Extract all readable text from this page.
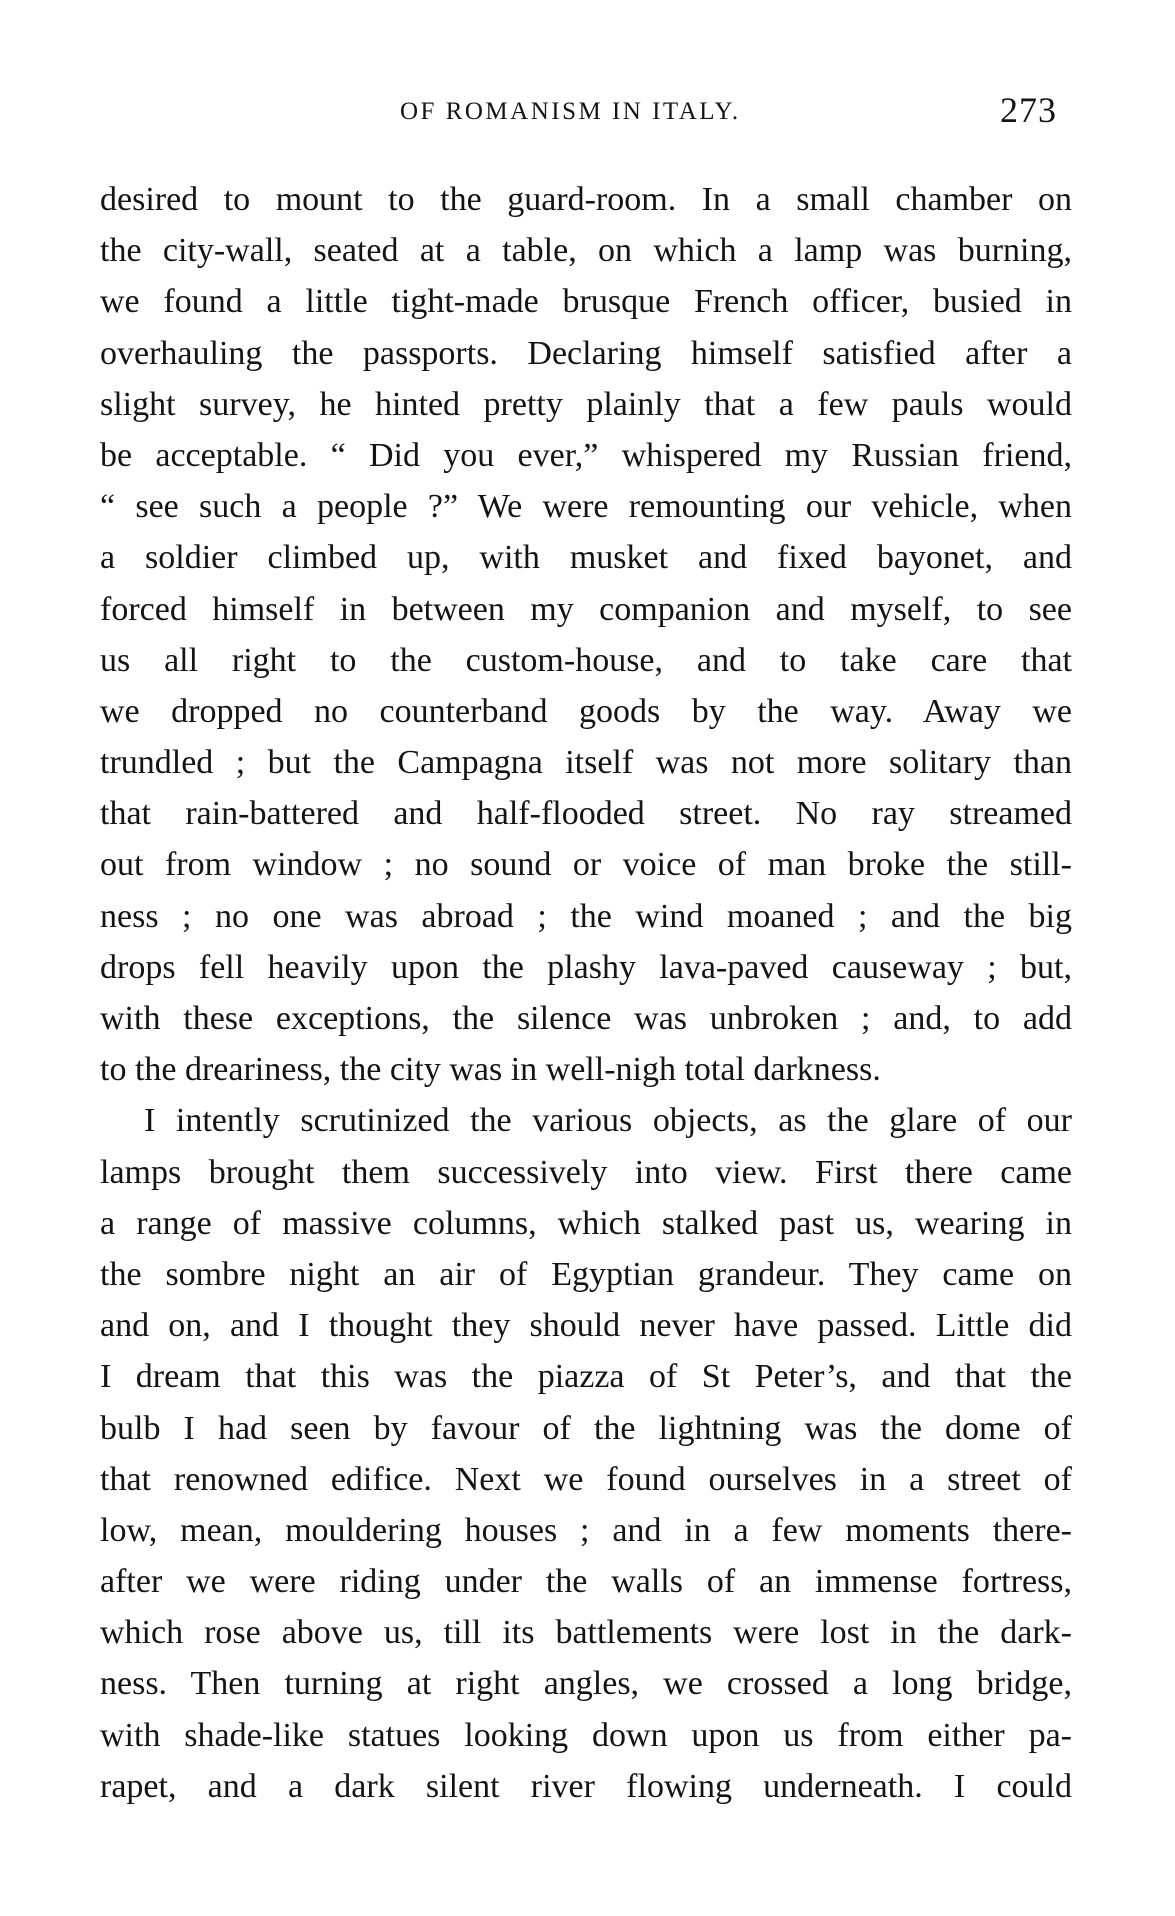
OF ROMANISM IN ITALY.	273
desired to mount to the guard-room. In a small chamber on
the city-wall, seated at a table, on which a lamp was burning,
we found a little tight-made brusque French officer, busied in
overhauling the passports. Declaring himself satisfied after a
slight survey, he hinted pretty plainly that a few pauls would
be acceptable. “ Did you ever,” whispered my Russian friend,
“ see such a people ?” We were remounting our vehicle, when
a soldier climbed up, with musket and fixed bayonet, and
forced himself in between my companion and myself, to see
us all right to the custom-house, and to take care that
we dropped no counterband goods by the way. Away we
trundled ; but the Campagna itself was not more solitary than
that rain-battered and half-flooded street. No ray streamed
out from window ; no sound or voice of man broke the still-
ness ; no one was abroad ; the wind moaned ; and the big
drops fell heavily upon the plashy lava-paved causeway ; but,
with these exceptions, the silence was unbroken ; and, to add
to the dreariness, the city was in well-nigh total darkness.
I intently scrutinized the various objects, as the glare of our
lamps brought them successively into view. First there came
a range of massive columns, which stalked past us, wearing in
the sombre night an air of Egyptian grandeur. They came on
and on, and I thought they should never have passed. Little did
I dream that this was the piazza of St Peter’s, and that the
bulb I had seen by favour of the lightning was the dome of
that renowned edifice. Next we found ourselves in a street of
low, mean, mouldering houses ; and in a few moments there-
after we were riding under the walls of an immense fortress,
which rose above us, till its battlements were lost in the dark-
ness. Then turning at right angles, we crossed a long bridge,
with shade-like statues looking down upon us from either pa-
rapet, and a dark silent river flowing underneath. I could
